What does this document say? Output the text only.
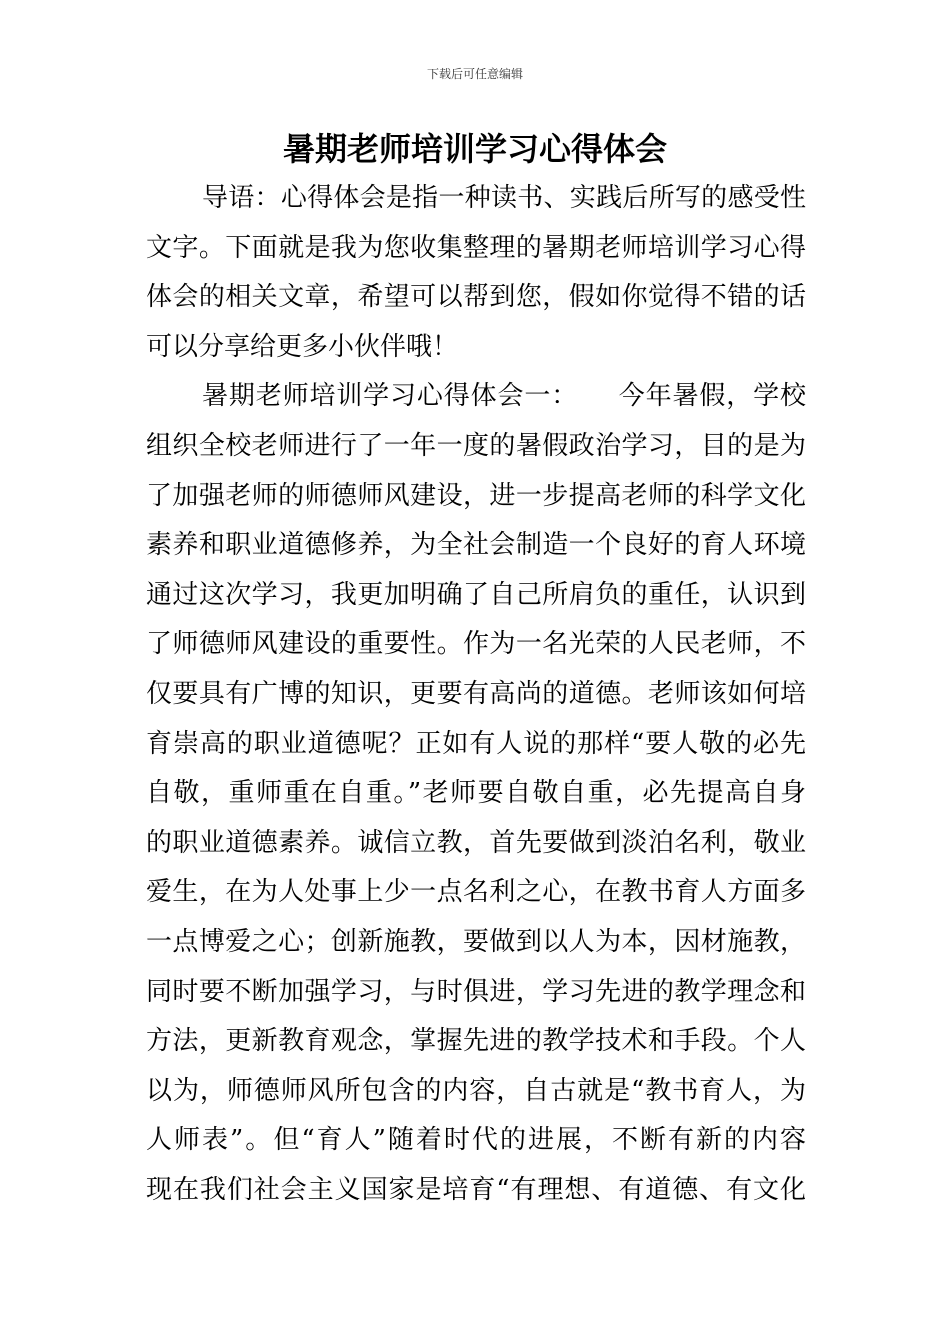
下载后可任意编辑
暑期老师培训学习心得体会
导语：心得体会是指一种读书、实践后所写的感受性
文字。下面就是我为您收集整理的暑期老师培训学习心得
体会的相关文章，希望可以帮到您，假如你觉得不错的话
可以分享给更多小伙伴哦！
暑期老师培训学习心得体会一：　　今年暑假，学校
组织全校老师进行了一年一度的暑假政治学习，目的是为
了加强老师的师德师风建设，进一步提高老师的科学文化
素养和职业道德修养，为全社会制造一个良好的育人环境
通过这次学习，我更加明确了自己所肩负的重任，认识到
了师德师风建设的重要性。作为一名光荣的人民老师，不
仅要具有广博的知识，更要有高尚的道德。老师该如何培
育崇高的职业道德呢？正如有人说的那样“要人敬的必先
自敬，重师重在自重。”老师要自敬自重，必先提高自身
的职业道德素养。诚信立教，首先要做到淡泊名利，敬业
爱生，在为人处事上少一点名利之心，在教书育人方面多
一点博爱之心；创新施教，要做到以人为本，因材施教，
同时要不断加强学习，与时俱进，学习先进的教学理念和
方法，更新教育观念，掌握先进的教学技术和手段。个人
以为，师德师风所包含的内容，自古就是“教书育人，为
人师表”。但“育人”随着时代的进展，不断有新的内容
现在我们社会主义国家是培育“有理想、有道德、有文化
